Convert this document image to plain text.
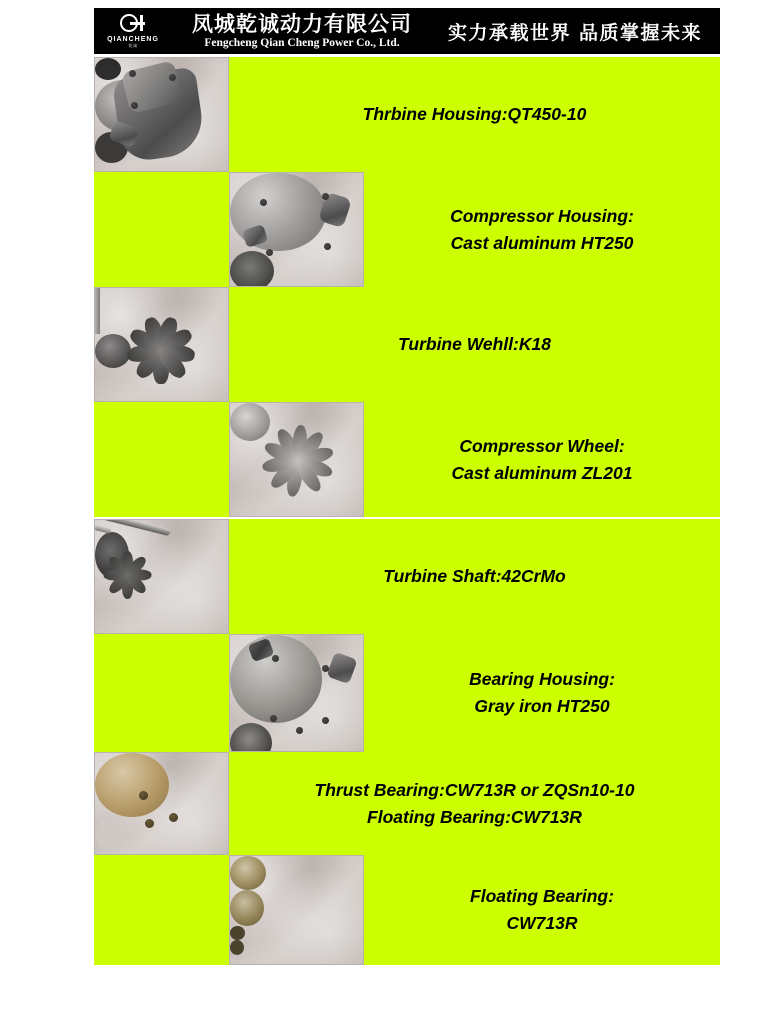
QIANCHENG
乾诚
凤城乾诚动力有限公司
Fengcheng Qian Cheng Power Co., Ltd.	实力承载世界 品质掌握未来
Thrbine Housing:QT450-10
Compressor Housing:
Cast aluminum HT250
Turbine Wehll:K18
Compressor Wheel:
Cast aluminum ZL201
Turbine Shaft:42CrMo
Bearing Housing:
Gray iron HT250
Thrust Bearing:CW713R or ZQSn10-10
Floating Bearing:CW713R
Floating Bearing:
CW713R
